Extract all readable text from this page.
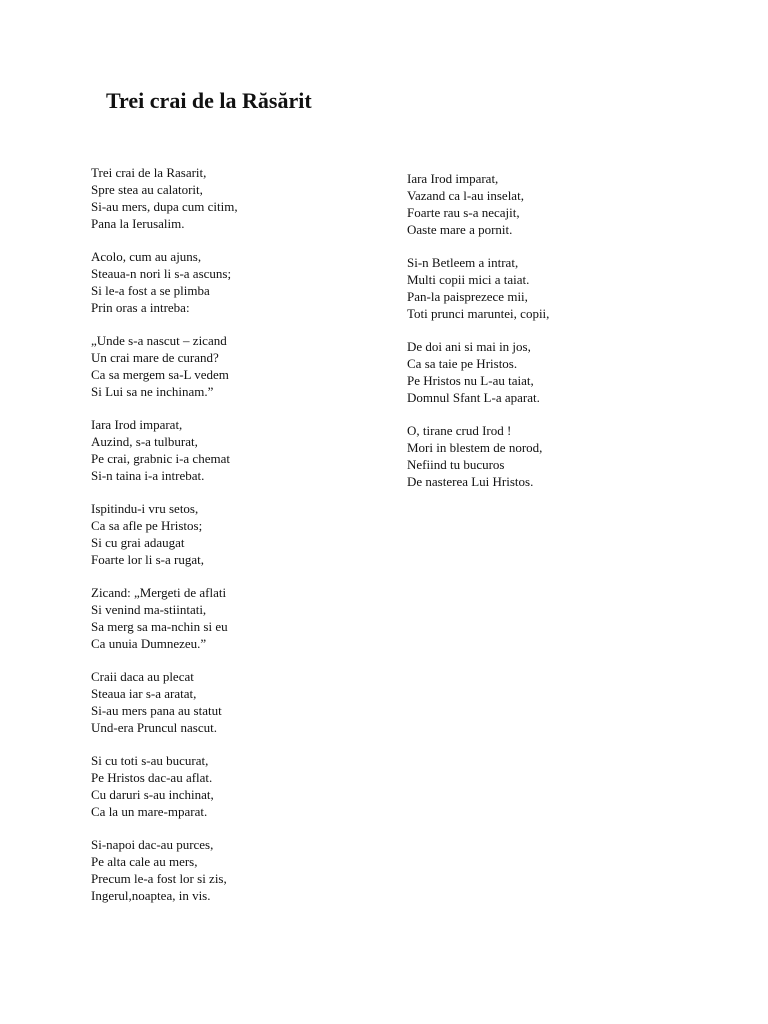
Trei crai de la Răsărit
Trei crai de la Rasarit,
Spre stea au calatorit,
Si-au mers, dupa cum citim,
Pana la Ierusalim.
Acolo, cum au ajuns,
Steaua-n nori li s-a ascuns;
Si le-a fost a se plimba
Prin oras a intreba:
„Unde s-a nascut – zicand
Un crai mare de curand?
Ca sa mergem sa-L vedem
Si Lui sa ne inchinam.”
Iara Irod imparat,
Auzind, s-a tulburat,
Pe crai, grabnic i-a chemat
Si-n taina i-a intrebat.
Ispitindu-i vru setos,
Ca sa afle pe Hristos;
Si cu grai adaugat
Foarte lor li s-a rugat,
Zicand: „Mergeti de aflati
Si venind ma-stiintati,
Sa merg sa ma-nchin si eu
Ca unuia Dumnezeu.”
Craii daca au plecat
Steaua iar s-a aratat,
Si-au mers pana au statut
Und-era Pruncul nascut.
Si cu toti s-au bucurat,
Pe Hristos dac-au aflat.
Cu daruri s-au inchinat,
Ca la un mare-mparat.
Si-napoi dac-au purces,
Pe alta cale au mers,
Precum le-a fost lor si zis,
Ingerul,noaptea, in vis.
Iara Irod imparat,
Vazand ca l-au inselat,
Foarte rau s-a necajit,
Oaste mare a pornit.
Si-n Betleem a intrat,
Multi copii mici a taiat.
Pan-la paisprezece mii,
Toti prunci maruntei, copii,
De doi ani si mai in jos,
Ca sa taie pe Hristos.
Pe Hristos nu L-au taiat,
Domnul Sfant L-a aparat.
O, tirane crud Irod !
Mori in blestem de norod,
Nefiind tu bucuros
De nasterea Lui Hristos.
